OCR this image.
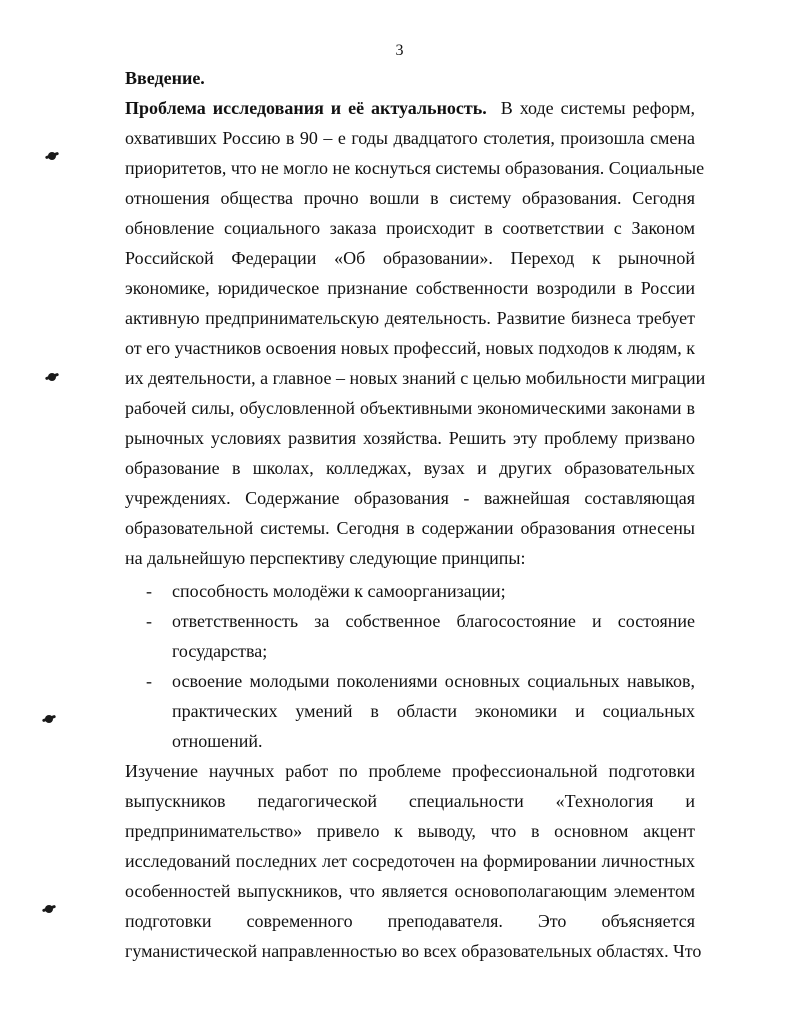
3
Введение.
Проблема исследования и её актуальность. В ходе системы реформ,
охвативших Россию в 90 – е годы двадцатого столетия, произошла смена
приоритетов, что не могло не коснуться системы образования. Социальные
отношения общества прочно вошли в систему образования. Сегодня
обновление социального заказа происходит в соответствии с Законом
Российской Федерации «Об образовании». Переход к рыночной
экономике, юридическое признание собственности возродили в России
активную предпринимательскую деятельность. Развитие бизнеса требует
от его участников освоения новых профессий, новых подходов к людям, к
их деятельности, а главное – новых знаний с целью мобильности миграции
рабочей силы, обусловленной объективными экономическими законами в
рыночных условиях развития хозяйства. Решить эту проблему призвано
образование в школах, колледжах, вузах и других образовательных
учреждениях. Содержание образования - важнейшая составляющая
образовательной системы. Сегодня в содержании образования отнесены
на дальнейшую перспективу следующие принципы:
- способность молодёжи к самоорганизации;
- ответственность за собственное благосостояние и состояние
государства;
- освоение молодыми поколениями основных социальных навыков,
практических умений в области экономики и социальных
отношений.
Изучение научных работ по проблеме профессиональной подготовки
выпускников педагогической специальности «Технология и
предпринимательство» привело к выводу, что в основном акцент
исследований последних лет сосредоточен на формировании личностных
особенностей выпускников, что является основополагающим элементом
подготовки современного преподавателя. Это объясняется
гуманистической направленностью во всех образовательных областях. Что
